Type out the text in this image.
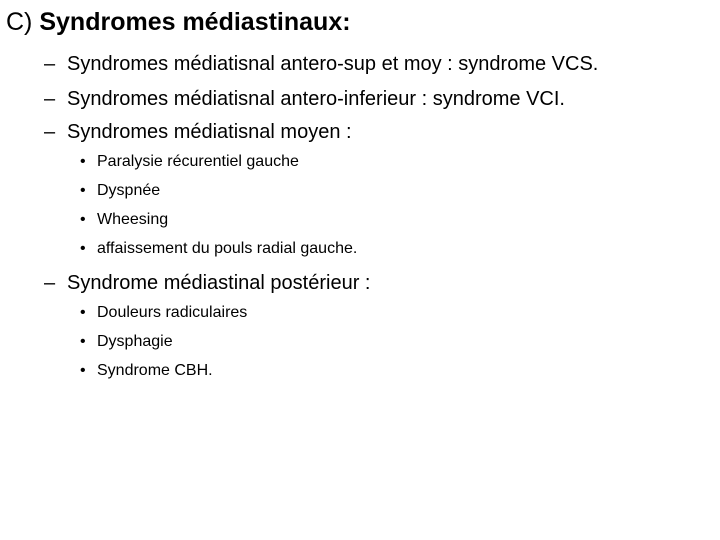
C) Syndromes médiastinaux:
– Syndromes médiatisnal antero-sup et moy : syndrome VCS.
– Syndromes médiatisnal antero-inferieur : syndrome VCI.
– Syndromes médiatisnal moyen :
• Paralysie récurentiel gauche
• Dyspnée
• Wheesing
• affaissement du pouls radial gauche.
– Syndrome médiastinal postérieur :
• Douleurs radiculaires
• Dysphagie
• Syndrome CBH.
